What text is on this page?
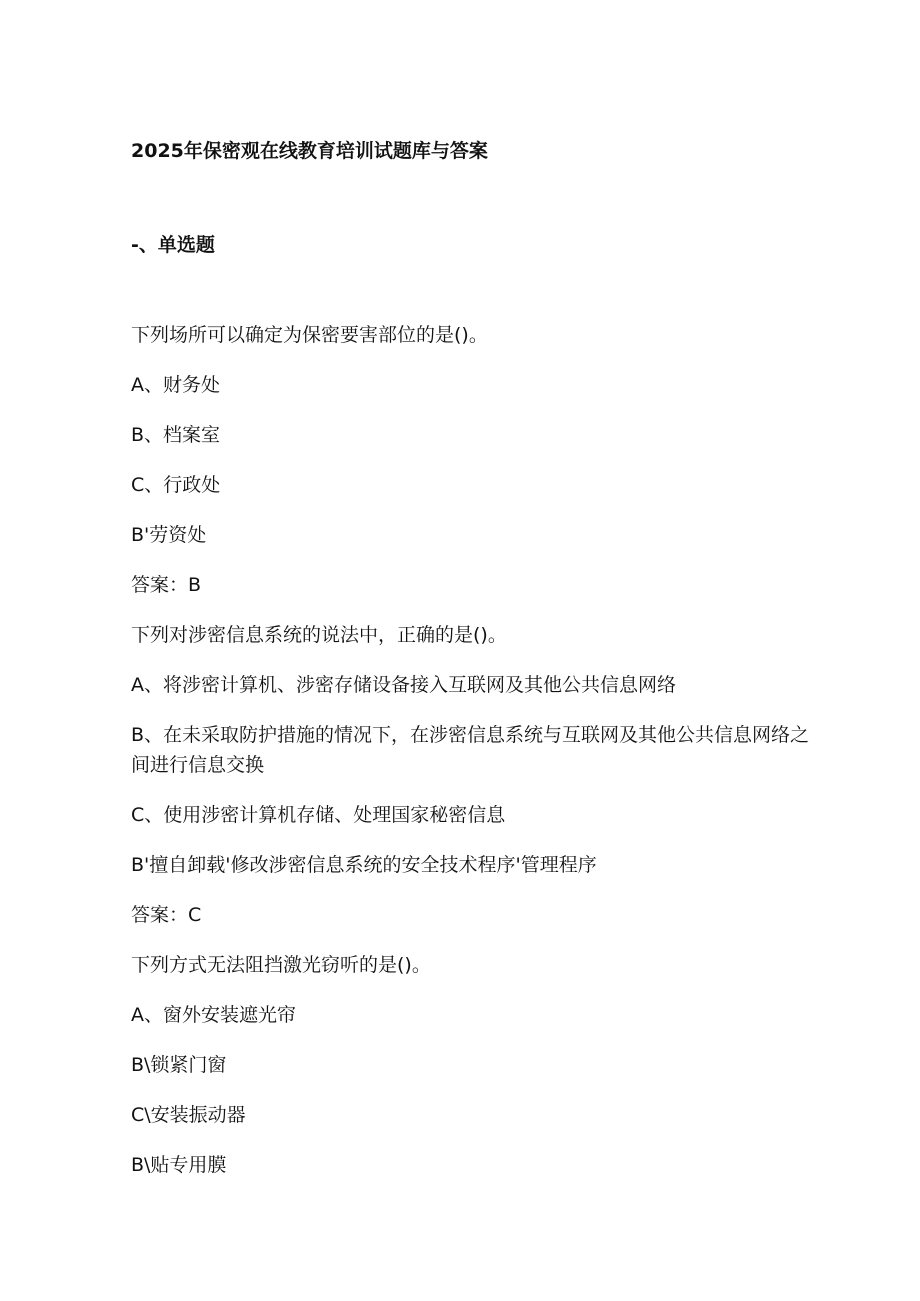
2025年保密观在线教育培训试题库与答案
-、单选题
下列场所可以确定为保密要害部位的是()。
A、财务处
B、档案室
C、行政处
B'劳资处
答案：B
下列对涉密信息系统的说法中，正确的是()。
A、将涉密计算机、涉密存储设备接入互联网及其他公共信息网络
B、在未采取防护措施的情况下，在涉密信息系统与互联网及其他公共信息网络之间进行信息交换
C、使用涉密计算机存储、处理国家秘密信息
B'擅自卸载'修改涉密信息系统的安全技术程序'管理程序
答案：C
下列方式无法阻挡激光窃听的是()。
A、窗外安装遮光帘
B\锁紧门窗
C\安装振动器
B\贴专用膜
